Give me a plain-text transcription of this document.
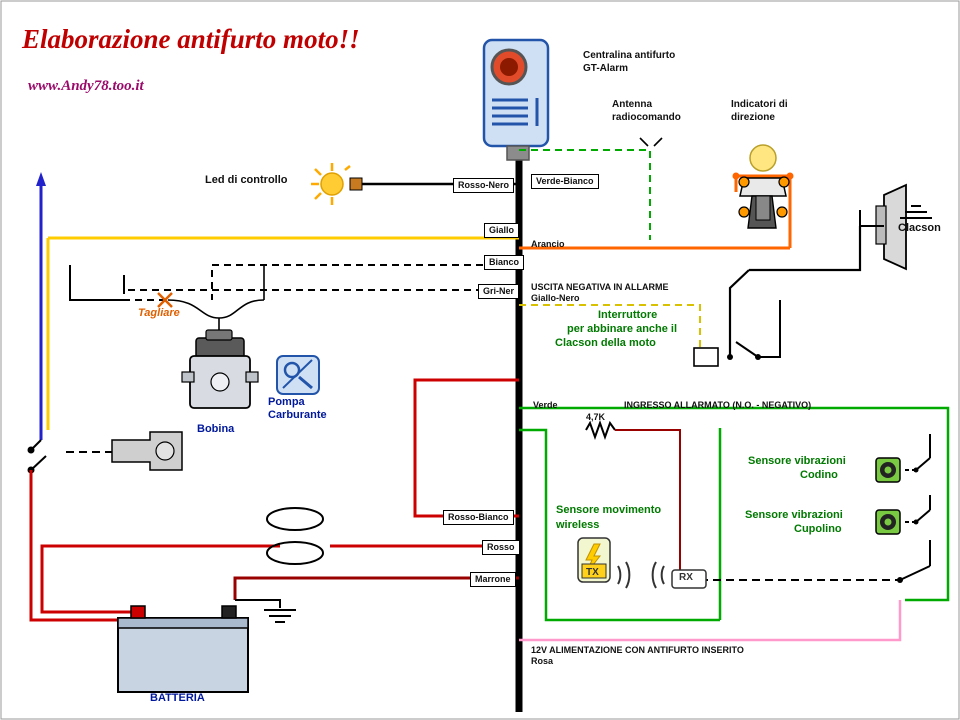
Elaborazione antifurto moto!!
www.Andy78.too.it
Centralina antifurto
GT-Alarm
Antenna
radiocomando
Indicatori di
direzione
Led di controllo
Clacson
Tagliare
Bobina
Pompa
Carburante
BATTERIA
Interruttore
per abbinare anche il
Clacson della moto
Sensore movimento
wireless
Sensore vibrazioni
Codino
Sensore vibrazioni
Cupolino
TX	RX
4,7K
Rosso-Nero	Verde-Bianco
Giallo
Arancio
Bianco
Gri-Ner
Rosso-Bianco
Rosso
Marrone
Verde
USCITA NEGATIVA IN ALLARME
Giallo-Nero
INGRESSO ALLARMATO (N.O. - NEGATIVO)
12V ALIMENTAZIONE CON ANTIFURTO INSERITO
Rosa
